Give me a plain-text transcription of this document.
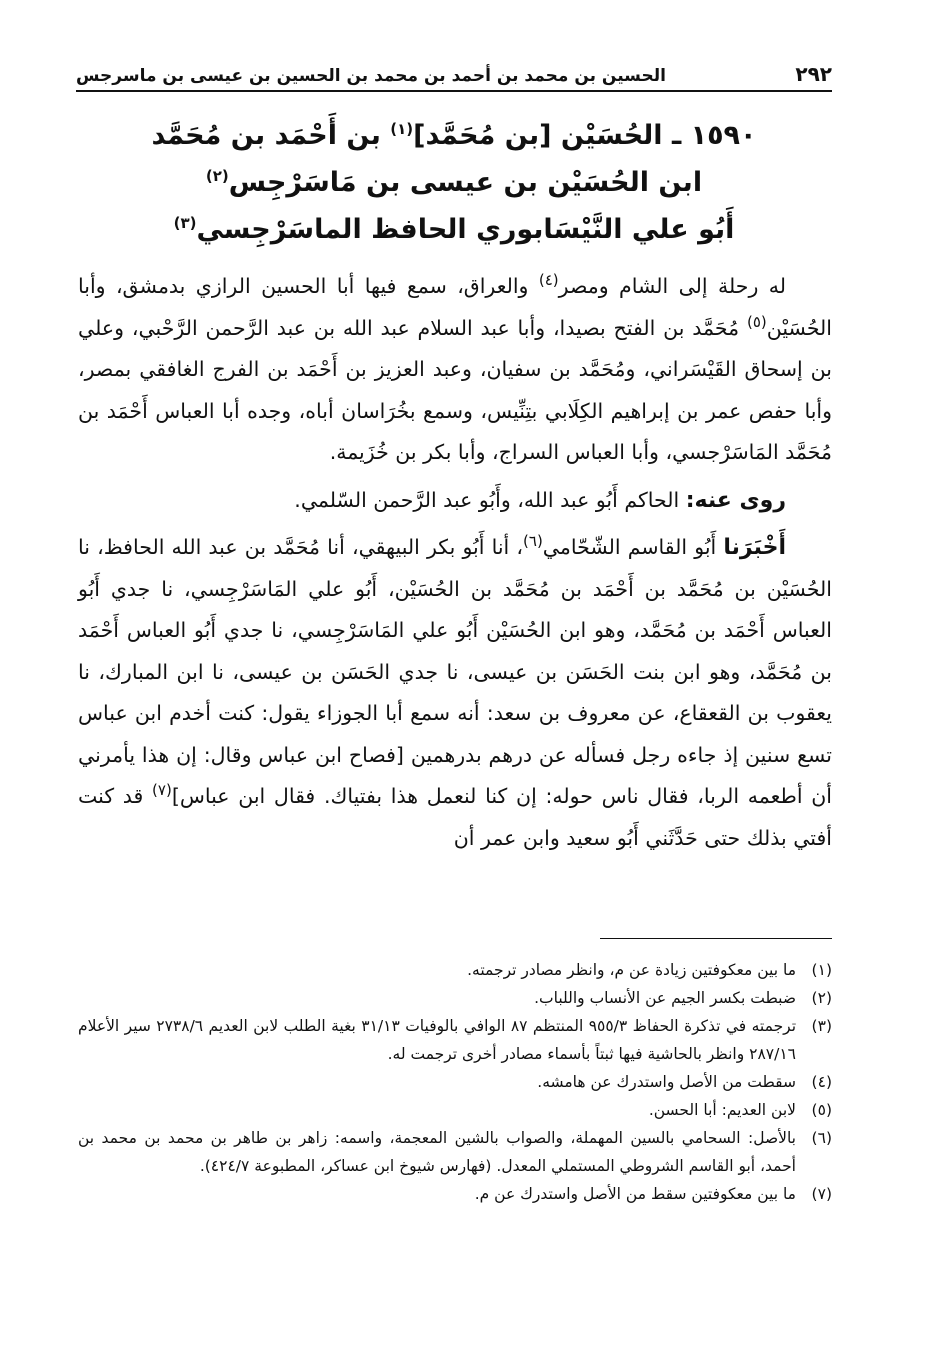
٢٩٢
الحسين بن محمد بن أحمد بن محمد بن الحسين بن عيسى بن ماسرجس
١٥٩٠ ـ الحُسَيْن [بن مُحَمَّد]$^{(١)}$ بن أَحْمَد بن مُحَمَّد
ابن الحُسَيْن بن عيسى بن مَاسَرْجِس$^{(٢)}$
أَبُو علي النَّيْسَابوري الحافظ الماسَرْجِسي$^{(٣)}$

له رحلة إلى الشام ومصر$^{(٤)}$ والعراق، سمع فيها أبا الحسين الرازي بدمشق، وأبا الحُسَيْن$^{(٥)}$ مُحَمَّد بن الفتح بصيدا، وأبا عبد السلام عبد الله بن عبد الرَّحمن الرَّحْبي، وعلي بن إسحاق القَيْسَراني، ومُحَمَّد بن سفيان، وعبد العزيز بن أَحْمَد بن الفرج الغافقي بمصر، وأبا حفص عمر بن إبراهيم الكِلَابي بتِنِّيس، وسمع بخُرَاسان أباه، وجده أبا العباس أَحْمَد بن مُحَمَّد المَاسَرْجسي، وأبا العباس السراج، وأبا بكر بن خُزَيمة.

روى عنه: الحاكم أَبُو عبد الله، وأَبُو عبد الرَّحمن السّلمي.

أَخْبَرَنا أَبُو القاسم الشّحّامي$^{(٦)}$، أنا أَبُو بكر البيهقي، أنا مُحَمَّد بن عبد الله الحافظ، نا الحُسَيْن بن مُحَمَّد بن أَحْمَد بن مُحَمَّد بن الحُسَيْن، أَبُو علي المَاسَرْجِسي، نا جدي أَبُو العباس أَحْمَد بن مُحَمَّد، وهو ابن الحُسَيْن أَبُو علي المَاسَرْجِسي، نا جدي أَبُو العباس أَحْمَد بن مُحَمَّد، وهو ابن بنت الحَسَن بن عيسى، نا جدي الحَسَن بن عيسى، نا ابن المبارك، نا يعقوب بن القعقاع، عن معروف بن سعد: أنه سمع أبا الجوزاء يقول: كنت أخدم ابن عباس تسع سنين إذ جاءه رجل فسأله عن درهم بدرهمين [فصاح ابن عباس وقال: إن هذا يأمرني أن أطعمه الربا، فقال ناس حوله: إن كنا لنعمل هذا بفتياك. فقال ابن عباس]$^{(٧)}$ قد كنت أفتي بذلك حتى حَدَّثَني أَبُو سعيد وابن عمر أن

(١)
ما بين معكوفتين زيادة عن م، وانظر مصادر ترجمته.
(٢)
ضبطت بكسر الجيم عن الأنساب واللباب.
(٣)
ترجمته في تذكرة الحفاظ ٩٥٥/٣ المنتظم ٨٧ الوافي بالوفيات ٣١/١٣ بغية الطلب لابن العديم ٢٧٣٨/٦ سير الأعلام ٢٨٧/١٦ وانظر بالحاشية فيها ثبتاً بأسماء مصادر أخرى ترجمت له.
(٤)
سقطت من الأصل واستدرك عن هامشه.
(٥)
لابن العديم: أبا الحسن.
(٦)
بالأصل: السحامي بالسين المهملة، والصواب بالشين المعجمة، واسمه: زاهر بن طاهر بن محمد بن محمد بن أحمد، أبو القاسم الشروطي المستملي المعدل. (فهارس شيوخ ابن عساكر، المطبوعة ٤٢٤/٧).
(٧)
ما بين معكوفتين سقط من الأصل واستدرك عن م.
